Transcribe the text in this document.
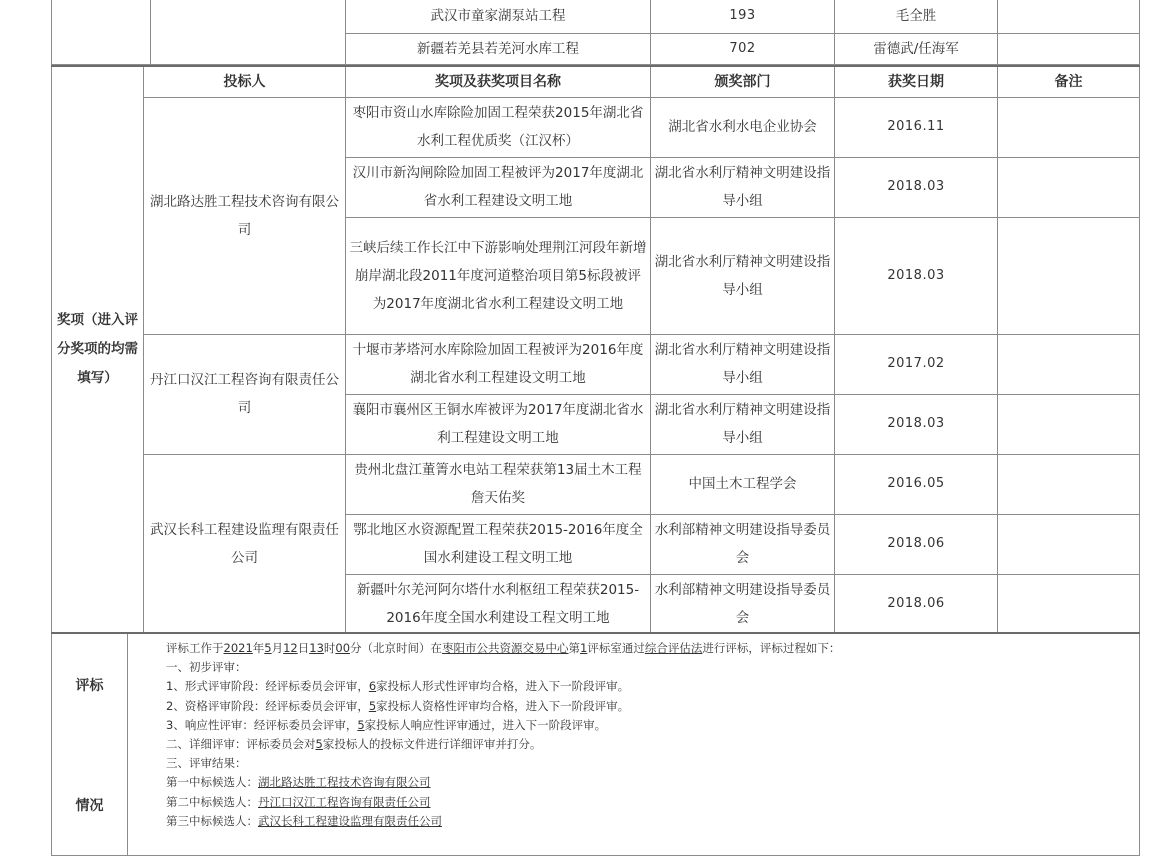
		武汉市童家湖泵站工程	193	毛全胜	
		新疆若羌县若羌河水库工程	702	雷德武/任海军	
奖项（进入评分奖项的均需填写）	投标人	奖项及获奖项目名称	颁奖部门	获奖日期	备注
	湖北路达胜工程技术咨询有限公司	枣阳市资山水库除险加固工程荣获2015年湖北省水利工程优质奖（江汉杯）	湖北省水利水电企业协会	2016.11	
		汉川市新沟闸除险加固工程被评为2017年度湖北省水利工程建设文明工地	湖北省水利厅精神文明建设指导小组	2018.03	
		三峡后续工作长江中下游影响处理荆江河段年新增崩岸湖北段2011年度河道整治项目第5标段被评为2017年度湖北省水利工程建设文明工地	湖北省水利厅精神文明建设指导小组	2018.03	
	丹江口汉江工程咨询有限责任公司	十堰市茅塔河水库除险加固工程被评为2016年度湖北省水利工程建设文明工地	湖北省水利厅精神文明建设指导小组	2017.02	
		襄阳市襄州区王铜水库被评为2017年度湖北省水利工程建设文明工地	湖北省水利厅精神文明建设指导小组	2018.03	
	武汉长科工程建设监理有限责任公司	贵州北盘江董箐水电站工程荣获第13届土木工程詹天佑奖	中国土木工程学会	2016.05	
		鄂北地区水资源配置工程荣获2015-2016年度全国水利建设工程文明工地	水利部精神文明建设指导委员会	2018.06	
		新疆叶尔羌河阿尔塔什水利枢纽工程荣获2015-2016年度全国水利建设工程文明工地	水利部精神文明建设指导委员会	2018.06	
评标
情况

评标工作于2021年5月12日13时00分（北京时间）在枣阳市公共资源交易中心第1评标室通过综合评估法进行评标，评标过程如下：
一、初步评审：
1、形式评审阶段：经评标委员会评审，6家投标人形式性评审均合格，进入下一阶段评审。
2、资格评审阶段：经评标委员会评审，5家投标人资格性评审均合格，进入下一阶段评审。
3、响应性评审：经评标委员会评审，5家投标人响应性评审通过，进入下一阶段评审。
二、详细评审：评标委员会对5家投标人的投标文件进行详细评审并打分。
三、评审结果：
第一中标候选人：湖北路达胜工程技术咨询有限公司
第二中标候选人：丹江口汉江工程咨询有限责任公司
第三中标候选人：武汉长科工程建设监理有限责任公司
